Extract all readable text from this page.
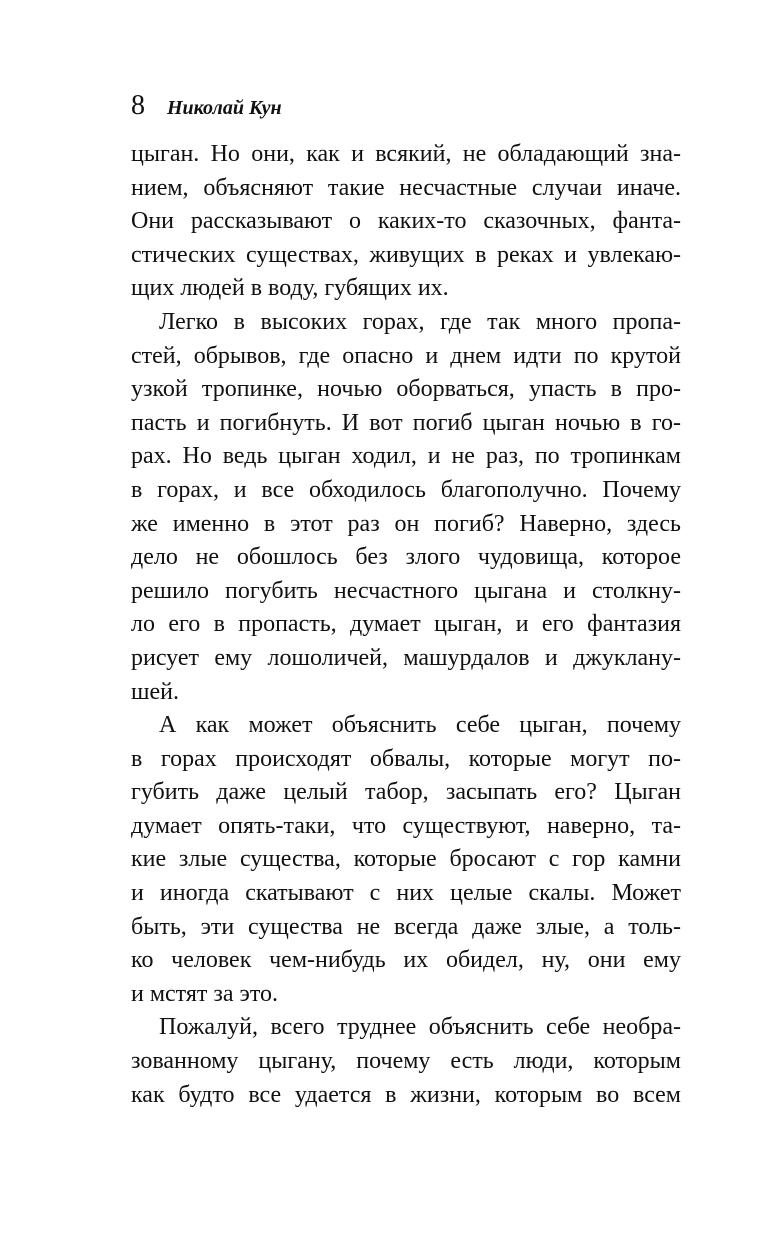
8 Николай Кун
цыган. Но они, как и всякий, не обладающий зна-
нием, объясняют такие несчастные случаи иначе.
Они рассказывают о каких-то сказочных, фанта-
стических существах, живущих в реках и увлекаю-
щих людей в воду, губящих их.
Легко в высоких горах, где так много пропа-
стей, обрывов, где опасно и днем идти по крутой
узкой тропинке, ночью оборваться, упасть в про-
пасть и погибнуть. И вот погиб цыган ночью в го-
рах. Но ведь цыган ходил, и не раз, по тропинкам
в горах, и все обходилось благополучно. Почему
же именно в этот раз он погиб? Наверно, здесь
дело не обошлось без злого чудовища, которое
решило погубить несчастного цыгана и столкну-
ло его в пропасть, думает цыган, и его фантазия
рисует ему лошоличей, машурдалов и джуклану-
шей.
А как может объяснить себе цыган, почему
в горах происходят обвалы, которые могут по-
губить даже целый табор, засыпать его? Цыган
думает опять-таки, что существуют, наверно, та-
кие злые существа, которые бросают с гор камни
и иногда скатывают с них целые скалы. Может
быть, эти существа не всегда даже злые, а толь-
ко человек чем-нибудь их обидел, ну, они ему
и мстят за это.
Пожалуй, всего труднее объяснить себе необра-
зованному цыгану, почему есть люди, которым
как будто все удается в жизни, которым во всем
